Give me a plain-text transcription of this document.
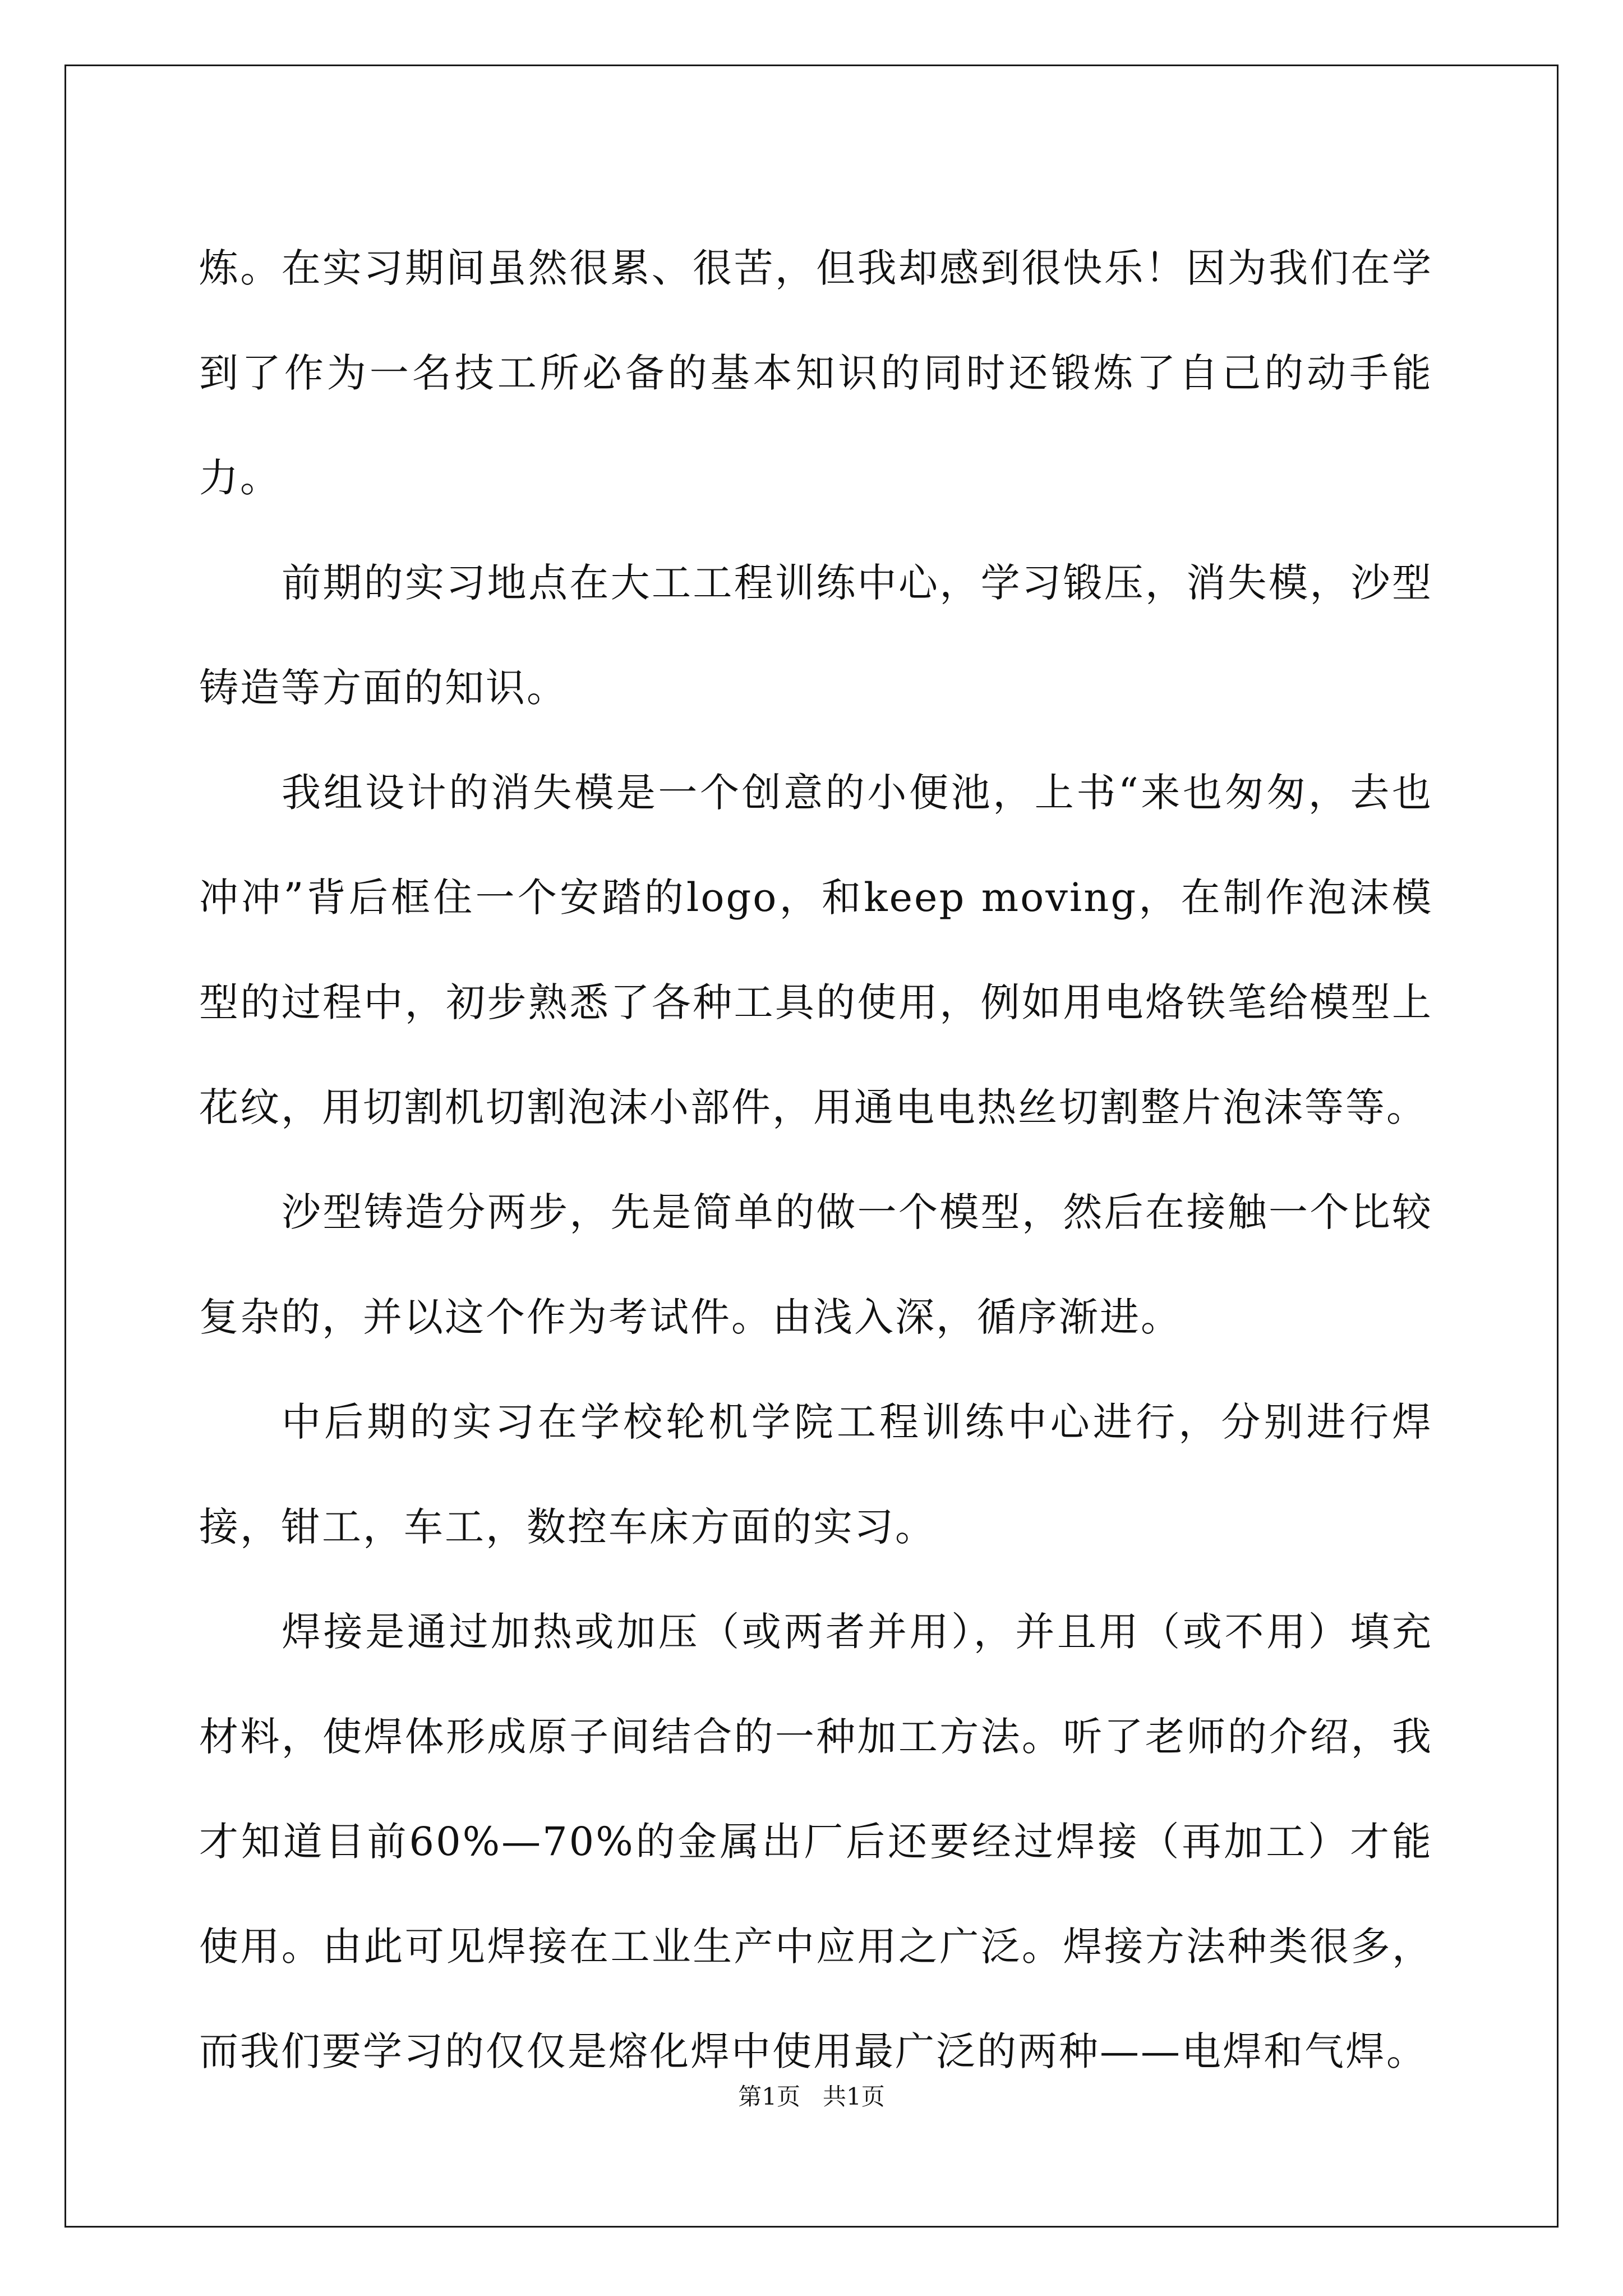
炼。在实习期间虽然很累、很苦，但我却感到很快乐！因为我们在学到了作为一名技工所必备的基本知识的同时还锻炼了自己的动手能力。

前期的实习地点在大工工程训练中心，学习锻压，消失模，沙型铸造等方面的知识。

我组设计的消失模是一个创意的小便池，上书“来也匆匆，去也冲冲”背后框住一个安踏的logo，和keep moving，在制作泡沫模型的过程中，初步熟悉了各种工具的使用，例如用电烙铁笔给模型上花纹，用切割机切割泡沫小部件，用通电电热丝切割整片泡沫等等。

沙型铸造分两步，先是简单的做一个模型，然后在接触一个比较复杂的，并以这个作为考试件。由浅入深，循序渐进。

中后期的实习在学校轮机学院工程训练中心进行，分别进行焊接，钳工，车工，数控车床方面的实习。

焊接是通过加热或加压（或两者并用），并且用（或不用）填充材料，使焊体形成原子间结合的一种加工方法。听了老师的介绍，我才知道目前60%—70%的金属出厂后还要经过焊接（再加工）才能使用。由此可见焊接在工业生产中应用之广泛。焊接方法种类很多，而我们要学习的仅仅是熔化焊中使用最广泛的两种——电焊和气焊。

第1页 共1页
